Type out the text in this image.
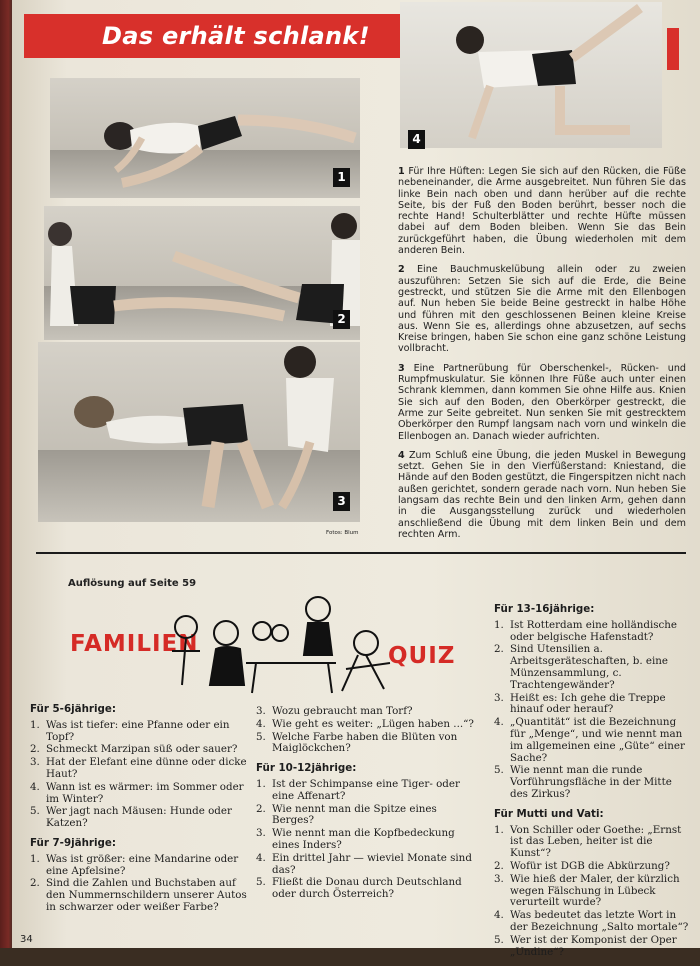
Das erhält schlank!
1
2
3
Fotos: Blum
4

1 Für Ihre Hüften: Legen Sie sich auf den Rücken, die Füße nebeneinander, die Arme ausgebreitet. Nun führen Sie das linke Bein nach oben und dann herüber auf die rechte Seite, bis der Fuß den Boden berührt, besser noch die rechte Hand! Schulterblätter und rechte Hüfte müssen dabei auf dem Boden bleiben. Wenn Sie das Bein zurückgeführt haben, die Übung wiederholen mit dem anderen Bein.

2 Eine Bauchmuskelübung allein oder zu zweien auszuführen: Setzen Sie sich auf die Erde, die Beine gestreckt, und stützen Sie die Arme mit den Ellenbogen auf. Nun heben Sie beide Beine gestreckt in halbe Höhe und führen mit den geschlossenen Beinen kleine Kreise aus. Wenn Sie es, allerdings ohne abzusetzen, auf sechs Kreise bringen, haben Sie schon eine ganz schöne Leistung vollbracht.

3 Eine Partnerübung für Oberschenkel-, Rücken- und Rumpfmuskulatur. Sie können Ihre Füße auch unter einen Schrank klemmen, dann kommen Sie ohne Hilfe aus. Knien Sie sich auf den Boden, den Oberkörper gestreckt, die Arme zur Seite gebreitet. Nun senken Sie mit gestrecktem Oberkörper den Rumpf langsam nach vorn und winkeln die Ellenbogen an. Danach wieder aufrichten.

4 Zum Schluß eine Übung, die jeden Muskel in Bewegung setzt. Gehen Sie in den Vierfüßerstand: Kniestand, die Hände auf den Boden gestützt, die Fingerspitzen nicht nach außen gerichtet, sondern gerade nach vorn. Nun heben Sie langsam das rechte Bein und den linken Arm, gehen dann in die Ausgangsstellung zurück und wiederholen anschließend die Übung mit dem linken Bein und dem rechten Arm.

Auflösung auf Seite 59
FAMILIEN	QUIZ
Für 5-6jährige:
1. Was ist tiefer: eine Pfanne oder ein Topf?
2. Schmeckt Marzipan süß oder sauer?
3. Hat der Elefant eine dünne oder dicke Haut?
4. Wann ist es wärmer: im Sommer oder im Winter?
5. Wer jagt nach Mäusen: Hunde oder Katzen?
Für 7-9jährige:
1. Was ist größer: eine Mandarine oder eine Apfelsine?
2. Sind die Zahlen und Buchstaben auf den Nummernschildern unserer Autos in schwarzer oder weißer Farbe?
3. Wozu gebraucht man Torf?
4. Wie geht es weiter: „Lügen haben ...“?
5. Welche Farbe haben die Blüten von Maiglöckchen?
Für 10-12jährige:
1. Ist der Schimpanse eine Tiger- oder eine Affenart?
2. Wie nennt man die Spitze eines Berges?
3. Wie nennt man die Kopfbedeckung eines Inders?
4. Ein drittel Jahr — wieviel Monate sind das?
5. Fließt die Donau durch Deutschland oder durch Österreich?
Für 13-16jährige:
1. Ist Rotterdam eine holländische oder belgische Hafenstadt?
2. Sind Utensilien a. Arbeitsgeräteschaften, b. eine Münzensammlung, c. Trachtengewänder?
3. Heißt es: Ich gehe die Treppe hinauf oder herauf?
4. „Quantität“ ist die Bezeichnung für „Menge“, und wie nennt man im allgemeinen eine „Güte“ einer Sache?
5. Wie nennt man die runde Vorführungsfläche in der Mitte des Zirkus?
Für Mutti und Vati:
1. Von Schiller oder Goethe: „Ernst ist das Leben, heiter ist die Kunst“?
2. Wofür ist DGB die Abkürzung?
3. Wie hieß der Maler, der kürzlich wegen Fälschung in Lübeck verurteilt wurde?
4. Was bedeutet das letzte Wort in der Bezeichnung „Salto mortale“?
5. Wer ist der Komponist der Oper „Undine“?
34
